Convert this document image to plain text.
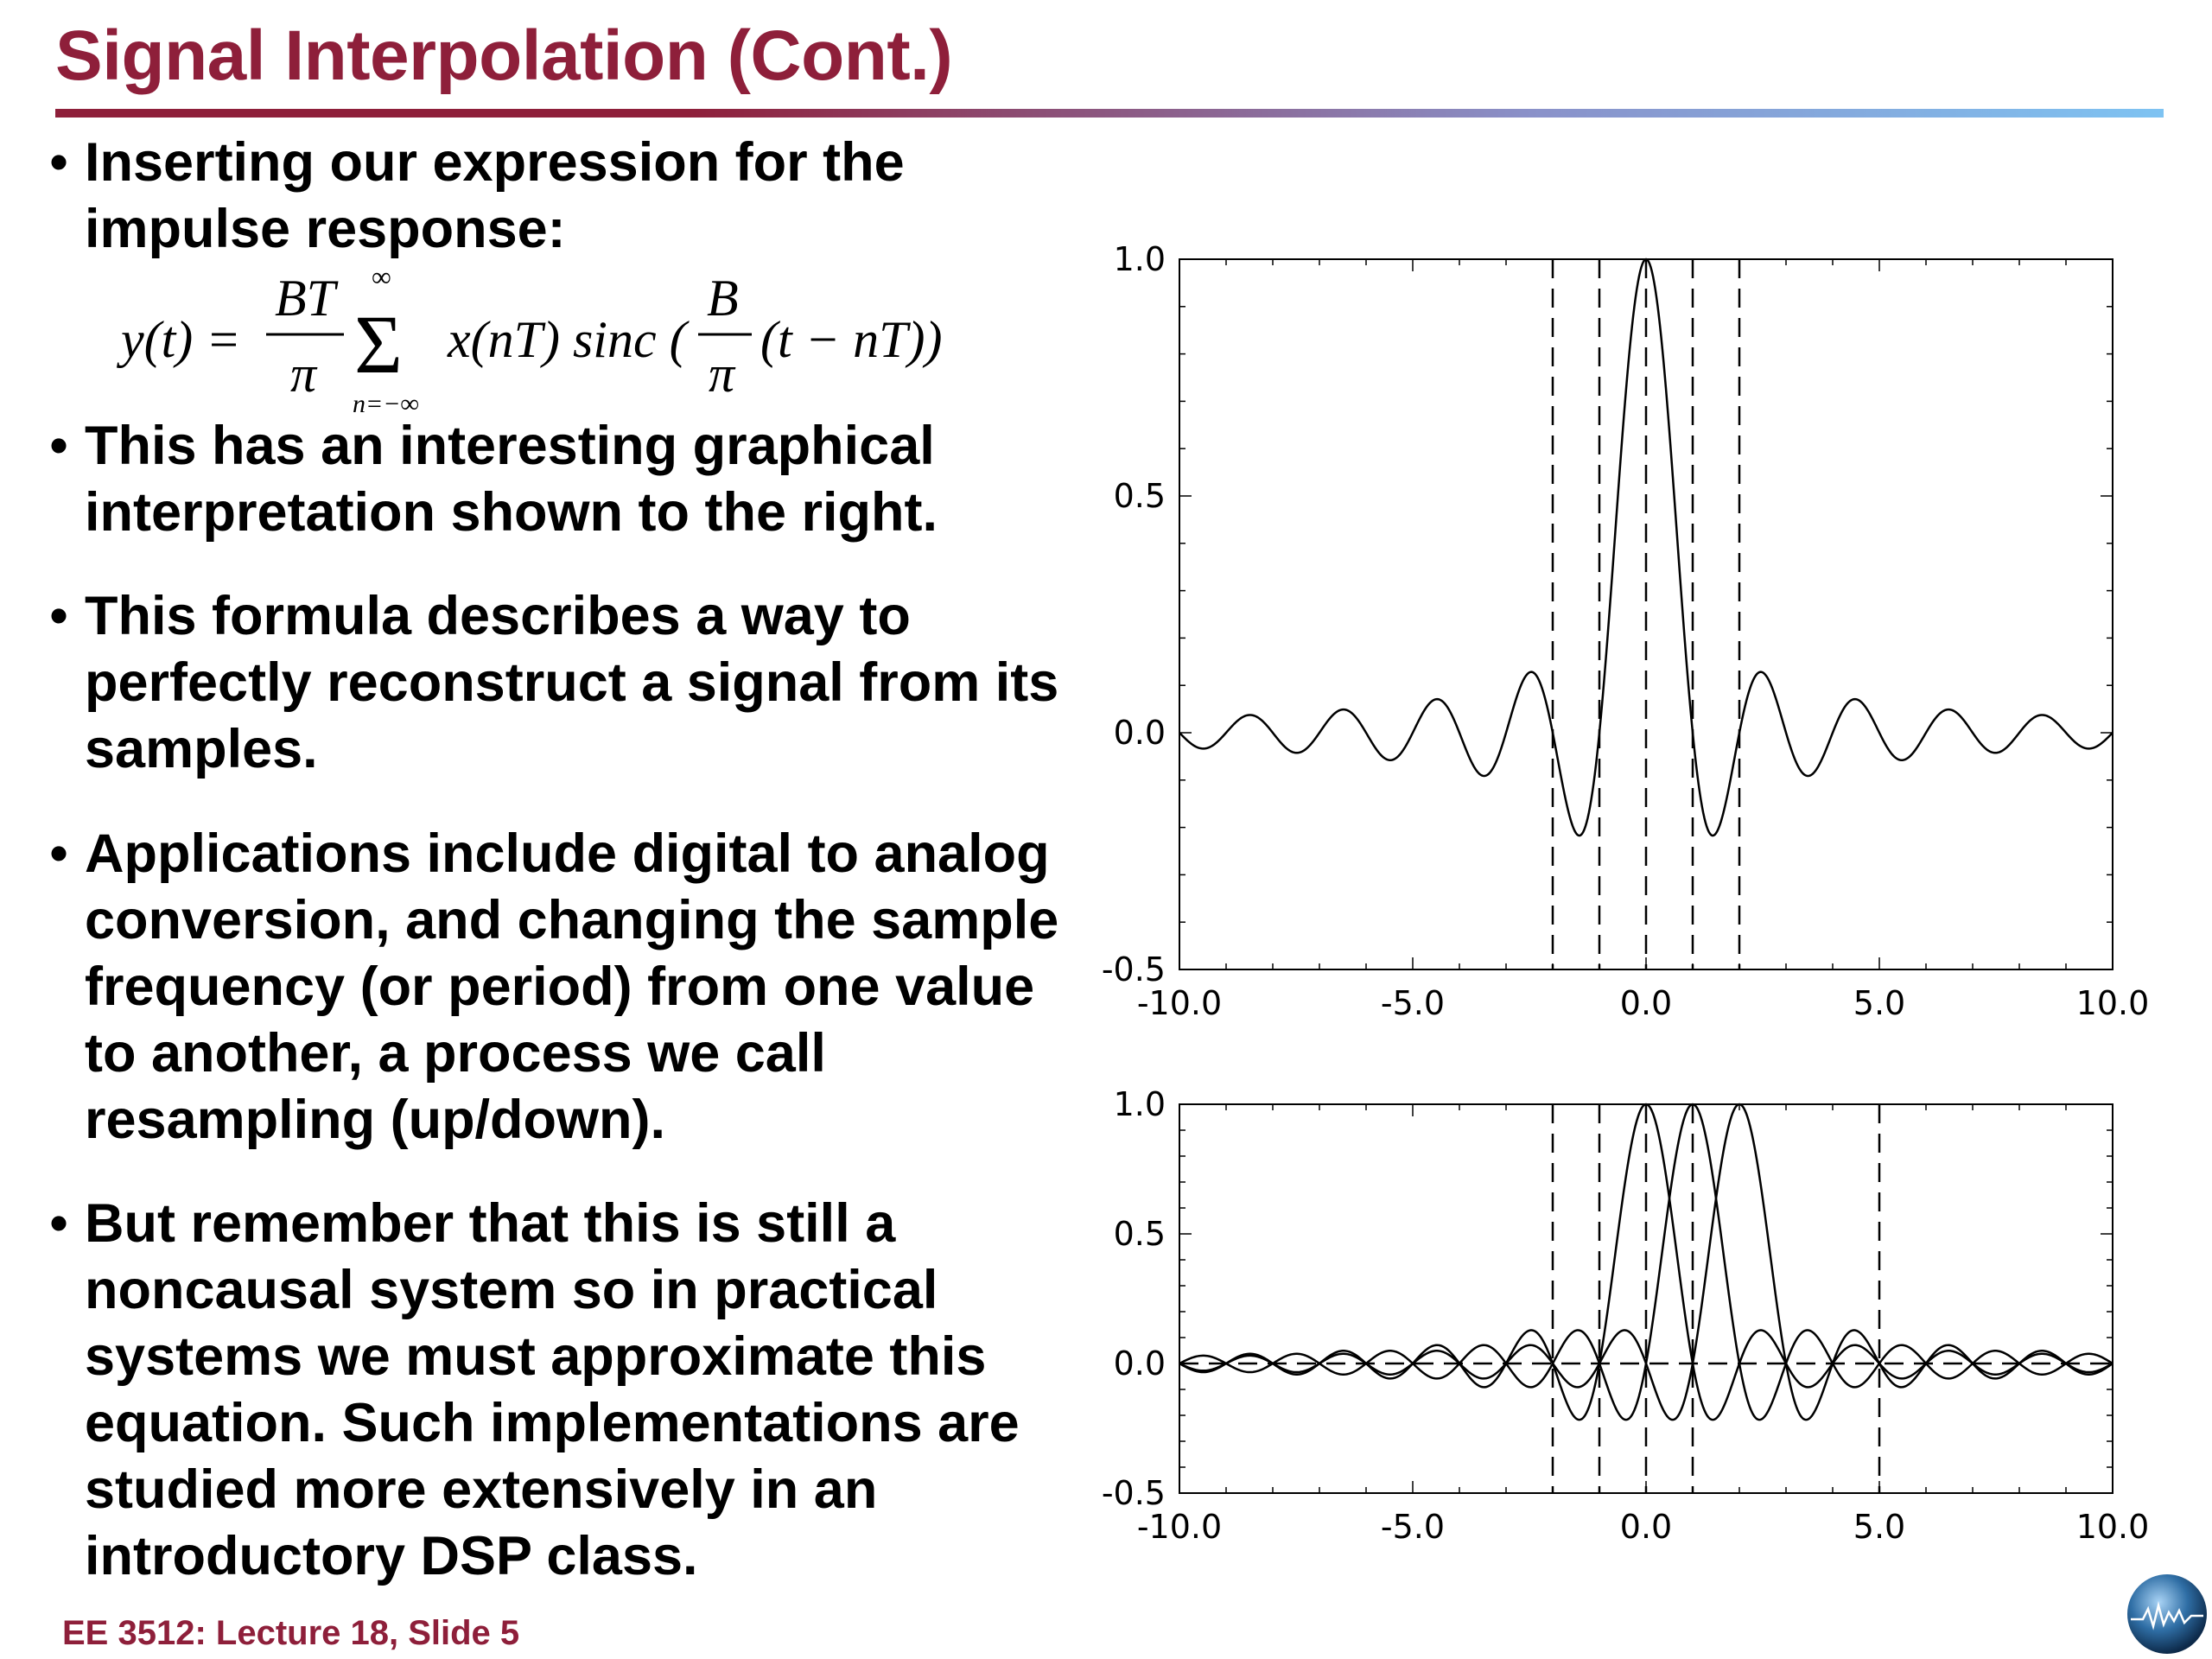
Signal Interpolation (Cont.)
• Inserting our expression for the impulse response:
y(t) =
BT
π Σ
∞
n=−∞
x(nT) sinc (
B
π
(t − nT))
• This has an interesting graphical interpretation shown to the right.
• This formula describes a way to perfectly reconstruct a signal from its samples.
• Applications include digital to analog conversion, and changing the sample frequency (or period) from one value to another, a process we call resampling (up/down).
• But remember that this is still a noncausal system so in practical systems we must approximate this equation. Such implementations are studied more extensively in an introductory DSP class.
-10.0	-5.0	0.0	5.0	10.0
-0.5
0.0
0.5
1.0
-10.0	-5.0	0.0	5.0	10.0
-0.5
0.0
0.5
1.0
EE 3512: Lecture 18, Slide 5
